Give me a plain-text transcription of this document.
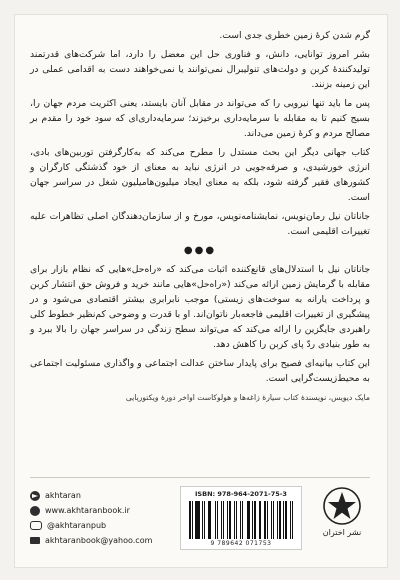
گرم شدن کرهٔ زمین خطری جدی است.

بشر امروز توانایی، دانش، و فناوری حل این معضل را دارد، اما شرکت‌های قدرتمند تولیدکنندهٔ کربن و دولت‌های تنولیبرال نمی‌توانند یا نمی‌خواهند دست به اقدامی عملی در این زمینه بزنند.

پس ما باید تنها نیرویی را که می‌تواند در مقابل آنان بایستد، یعنی اکثریت مردم جهان را، بسیج کنیم تا به مقابله با سرمایه‌داری برخیزند؛ سرمایه‌داری‌ای که سود خود را مقدم بر مصالح مردم و کرهٔ زمین می‌داند.

کتاب جهانی دیگر این بحث مستدل را مطرح می‌کند که به‌کارگرفتن توربین‌های بادی، انرژی خورشیدی، و صرفه‌جویی در انرژی نباید به معنای از خود گذشتگی کارگران و کشورهای فقیر گرفته شود، بلکه به معنای ایجاد میلیون‌هامیلیون شغل در سراسر جهان است.

جاناتان نیل رمان‌نویس، نمایشنامه‌نویس، مورخ و از سازمان‌دهندگان اصلی تظاهرات علیه تغییرات اقلیمی است.

●●●

جاناتان نیل با استدلال‌های قانع‌کننده اثبات می‌کند که «راه‌حل»هایی که نظام بازار برای مقابله با گرمایش زمین ارائه می‌کند («راه‌حل»هایی مانند خرید و فروش حق انتشار کربن و پرداخت یارانه به سوخت‌های زیستی) موجب نابرابری بیشتر اقتصادی می‌شود و در پیشگیری از تغییرات اقلیمی فاجعه‌بار ناتوان‌اند. او با قدرت و وضوحی کم‌نظیر خطوط کلی راهبردی جایگزین را ارائه می‌کند که می‌تواند سطح زندگی در سراسر جهان را بالا ببرد و به طور بنیادی ردّ پای کربن را کاهش دهد.

این کتاب بیانیه‌ای فصیح برای پایدار ساختن عدالت اجتماعی و واگذاری مسئولیت اجتماعی به محیط‌زیست‌گرایی است.

مایک دیویس، نویسندهٔ کتاب سیارهٔ زاغه‌ها و هولوکاست اواخر دورهٔ ویکتوریایی
akhtaran
www.akhtaranbook.ir
@akhtaranpub
akhtaranbook@yahoo.com
ISBN: 978-964-2071-75-3
9 789642 071753
نشر اختران
